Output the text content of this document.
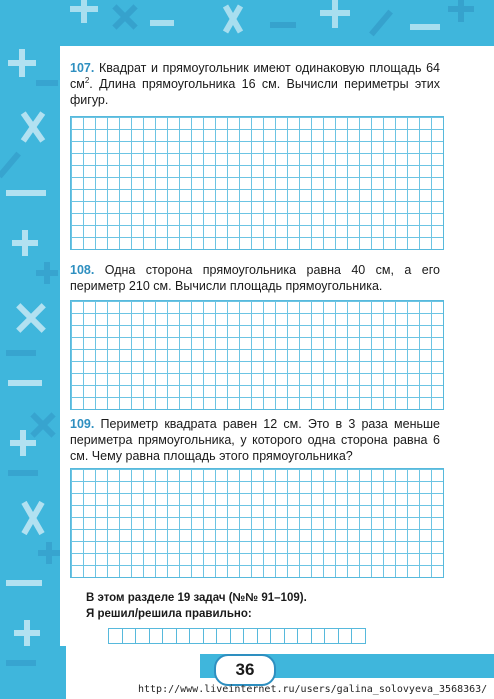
107. Квадрат и прямоугольник имеют одинаковую площадь 64 $см^2$. Длина прямоугольника 16 см. Вычисли периметры этих фигур.
108. Одна сторона прямоугольника равна 40 см, а его периметр 210 см. Вычисли площадь прямоугольника.
109. Периметр квадрата равен 12 см. Это в 3 раза меньше периметра прямоугольника, у которого одна сторона равна 6 см. Чему равна площадь этого прямоугольника?
В этом разделе 19 задач (№№ 91–109).
Я решил/решила правильно:
36
http://www.liveinternet.ru/users/galina_solovyeva_3568363/
